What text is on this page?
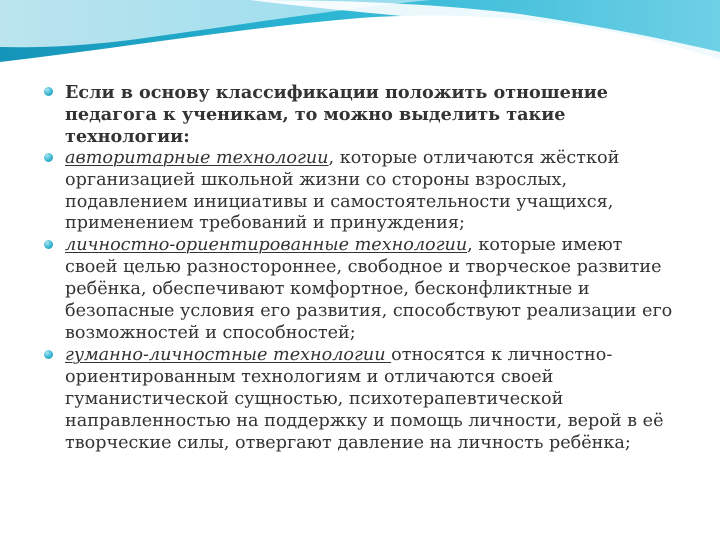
Если в основу классификации положить отношение педагога к ученикам, то можно выделить такие технологии:

авторитарные технологии, которые отличаются жёсткой организацией школьной жизни со стороны взрослых, подавлением инициативы и самостоятельности учащихся, применением требований и принуждения;

личностно-ориентированные технологии, которые имеют своей целью разностороннее, свободное и творческое развитие ребёнка, обеспечивают комфортное, бесконфликтные и безопасные условия его развития, способствуют реализации его возможностей и способностей;

гуманно-личностные технологии относятся к личностно-ориентированным технологиям и отличаются своей гуманистической сущностью, психотерапевтической направленностью на поддержку и помощь личности, верой в её творческие силы, отвергают давление на личность ребёнка;
